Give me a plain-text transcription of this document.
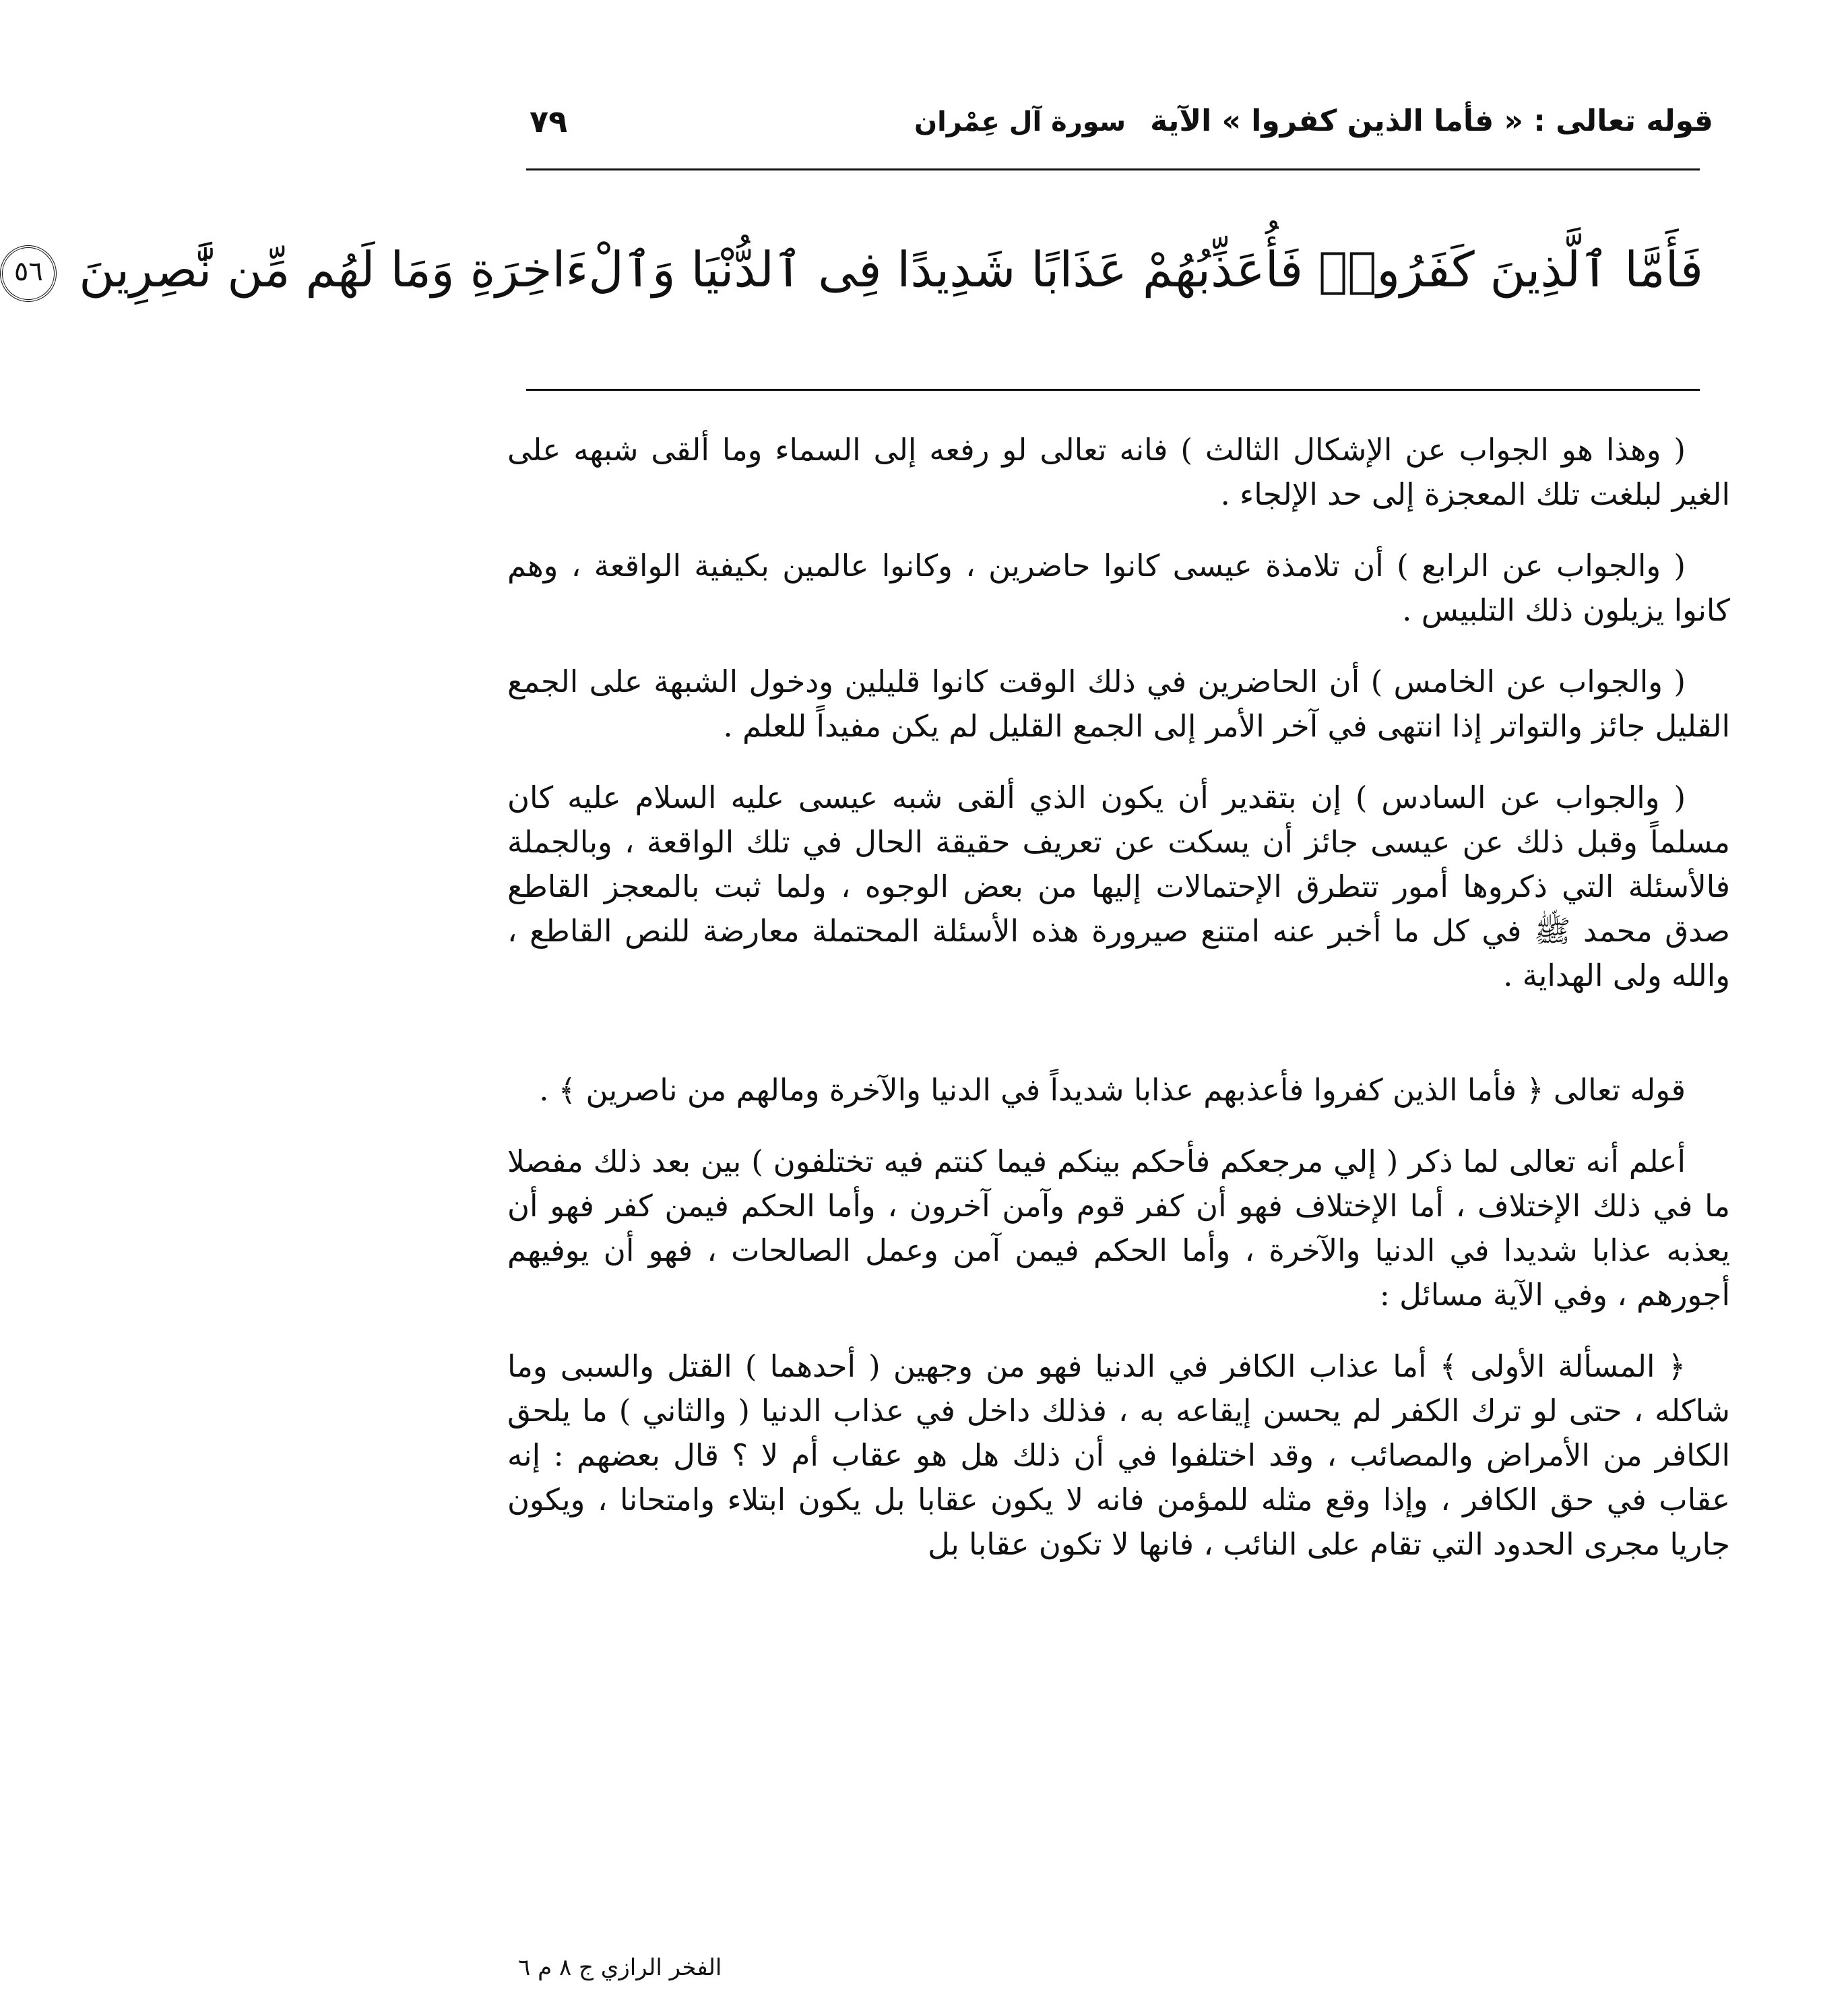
قوله تعالى : « فأما الذين كفروا » الآيةسورة آل عِمْران
٧٩
فَأَمَّا ٱلَّذِينَ كَفَرُوا۟ فَأُعَذِّبُهُمْ عَذَابًا شَدِيدًا فِى ٱلدُّنْيَا وَٱلْءَاخِرَةِ وَمَا لَهُم مِّن نَّٰصِرِينَ ٥٦

( وهذا هو الجواب عن الإشكال الثالث ) فانه تعالى لو رفعه إلى السماء وما ألقى شبهه على الغير لبلغت تلك المعجزة إلى حد الإلجاء .

( والجواب عن الرابع ) أن تلامذة عيسى كانوا حاضرين ، وكانوا عالمين بكيفية الواقعة ، وهم كانوا يزيلون ذلك التلبيس .

( والجواب عن الخامس ) أن الحاضرين في ذلك الوقت كانوا قليلين ودخول الشبهة على الجمع القليل جائز والتواتر إذا انتهى في آخر الأمر إلى الجمع القليل لم يكن مفيداً للعلم .

( والجواب عن السادس ) إن بتقدير أن يكون الذي ألقى شبه عيسى عليه السلام عليه كان مسلماً وقبل ذلك عن عيسى جائز أن يسكت عن تعريف حقيقة الحال في تلك الواقعة ، وبالجملة فالأسئلة التي ذكروها أمور تتطرق الإحتمالات إليها من بعض الوجوه ، ولما ثبت بالمعجز القاطع صدق محمد ﷺ في كل ما أخبر عنه امتنع صيرورة هذه الأسئلة المحتملة معارضة للنص القاطع ، والله ولى الهداية .

قوله تعالى ﴿ فأما الذين كفروا فأعذبهم عذابا شديداً في الدنيا والآخرة ومالهم من ناصرين ﴾ .

أعلم أنه تعالى لما ذكر ( إلي مرجعكم فأحكم بينكم فيما كنتم فيه تختلفون ) بين بعد ذلك مفصلا ما في ذلك الإختلاف ، أما الإختلاف فهو أن كفر قوم وآمن آخرون ، وأما الحكم فيمن كفر فهو أن يعذبه عذابا شديدا في الدنيا والآخرة ، وأما الحكم فيمن آمن وعمل الصالحات ، فهو أن يوفيهم أجورهم ، وفي الآية مسائل :

﴿ المسألة الأولى ﴾ أما عذاب الكافر في الدنيا فهو من وجهين ( أحدهما ) القتل والسبى وما شاكله ، حتى لو ترك الكفر لم يحسن إيقاعه به ، فذلك داخل في عذاب الدنيا ( والثاني ) ما يلحق الكافر من الأمراض والمصائب ، وقد اختلفوا في أن ذلك هل هو عقاب أم لا ؟ قال بعضهم : إنه عقاب في حق الكافر ، وإذا وقع مثله للمؤمن فانه لا يكون عقابا بل يكون ابتلاء وامتحانا ، ويكون جاريا مجرى الحدود التي تقام على النائب ، فانها لا تكون عقابا بل

الفخر الرازي ج ٨ م ٦
